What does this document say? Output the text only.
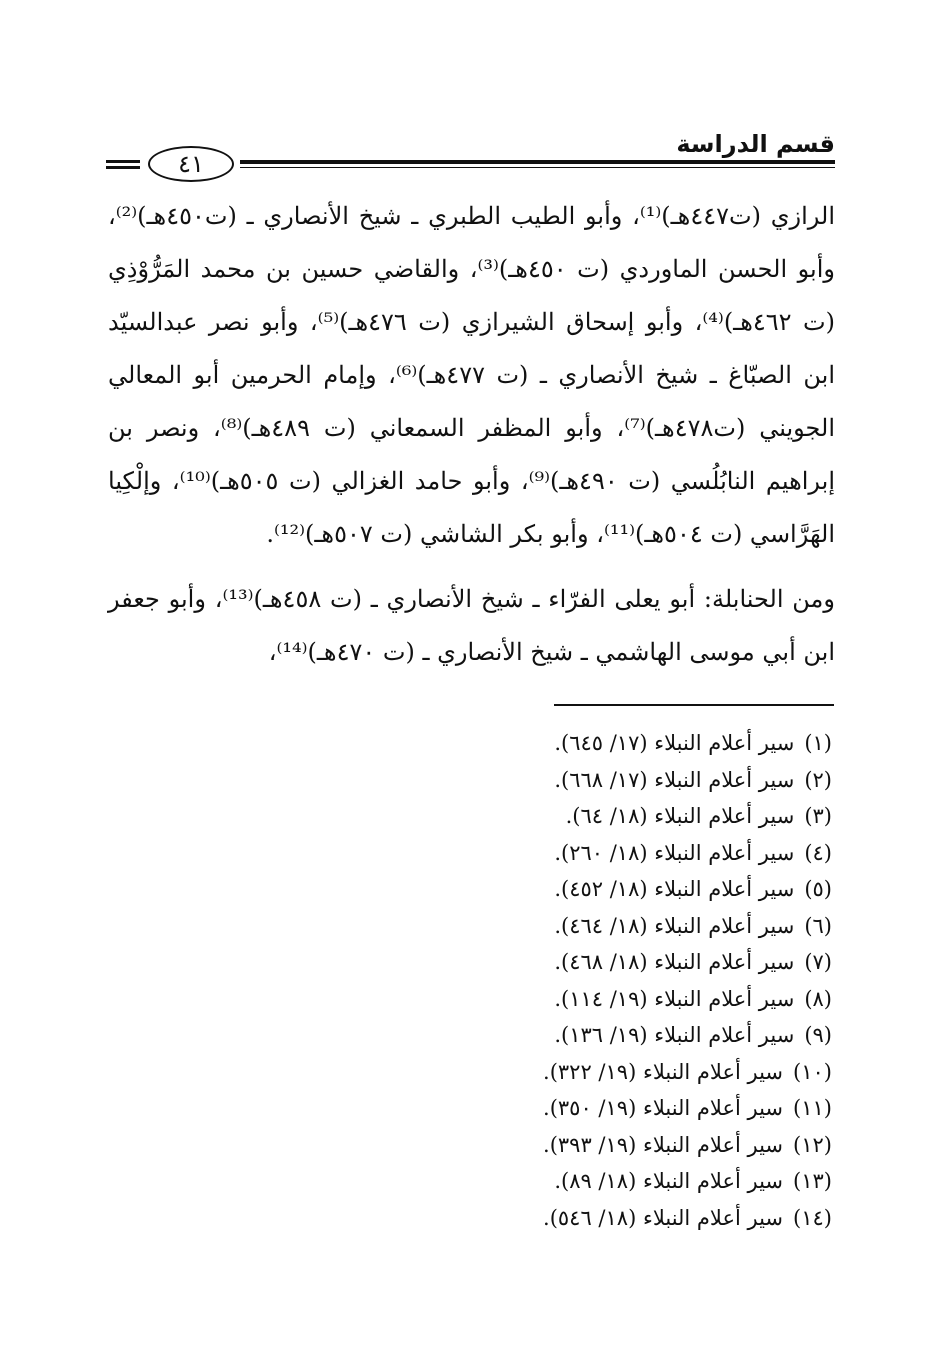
قسم الدراسة
٤١

الرازي (ت٤٤٧هـ)⁽¹⁾، وأبو الطيب الطبري ـ شيخ الأنصاري ـ (ت٤٥٠هـ)⁽²⁾، وأبو الحسن الماوردي (ت ٤٥٠هـ)⁽³⁾، والقاضي حسين بن محمد المَرُّوْذِي (ت ٤٦٢هـ)⁽⁴⁾، وأبو إسحاق الشيرازي (ت ٤٧٦هـ)⁽⁵⁾، وأبو نصر عبدالسيّد ابن الصبّاغ ـ شيخ الأنصاري ـ (ت ٤٧٧هـ)⁽⁶⁾، وإمام الحرمين أبو المعالي الجويني (ت٤٧٨هـ)⁽⁷⁾، وأبو المظفر السمعاني (ت ٤٨٩هـ)⁽⁸⁾، ونصر بن إبراهيم النابُلُسي (ت ٤٩٠هـ)⁽⁹⁾، وأبو حامد الغزالي (ت ٥٠٥هـ)⁽¹⁰⁾، وإلْكِيا الهَرَّاسي (ت ٥٠٤هـ)⁽¹¹⁾، وأبو بكر الشاشي (ت ٥٠٧هـ)⁽¹²⁾.

ومن الحنابلة: أبو يعلى الفرّاء ـ شيخ الأنصاري ـ (ت ٤٥٨هـ)⁽¹³⁾، وأبو جعفر ابن أبي موسى الهاشمي ـ شيخ الأنصاري ـ (ت ٤٧٠هـ)⁽¹⁴⁾،

(١)سير أعلام النبلاء (١٧/ ٦٤٥).
(٢)سير أعلام النبلاء (١٧/ ٦٦٨).
(٣)سير أعلام النبلاء (١٨/ ٦٤).
(٤)سير أعلام النبلاء (١٨/ ٢٦٠).
(٥)سير أعلام النبلاء (١٨/ ٤٥٢).
(٦)سير أعلام النبلاء (١٨/ ٤٦٤).
(٧)سير أعلام النبلاء (١٨/ ٤٦٨).
(٨)سير أعلام النبلاء (١٩/ ١١٤).
(٩)سير أعلام النبلاء (١٩/ ١٣٦).
(١٠)سير أعلام النبلاء (١٩/ ٣٢٢).
(١١)سير أعلام النبلاء (١٩/ ٣٥٠).
(١٢)سير أعلام النبلاء (١٩/ ٣٩٣).
(١٣)سير أعلام النبلاء (١٨/ ٨٩).
(١٤)سير أعلام النبلاء (١٨/ ٥٤٦).
